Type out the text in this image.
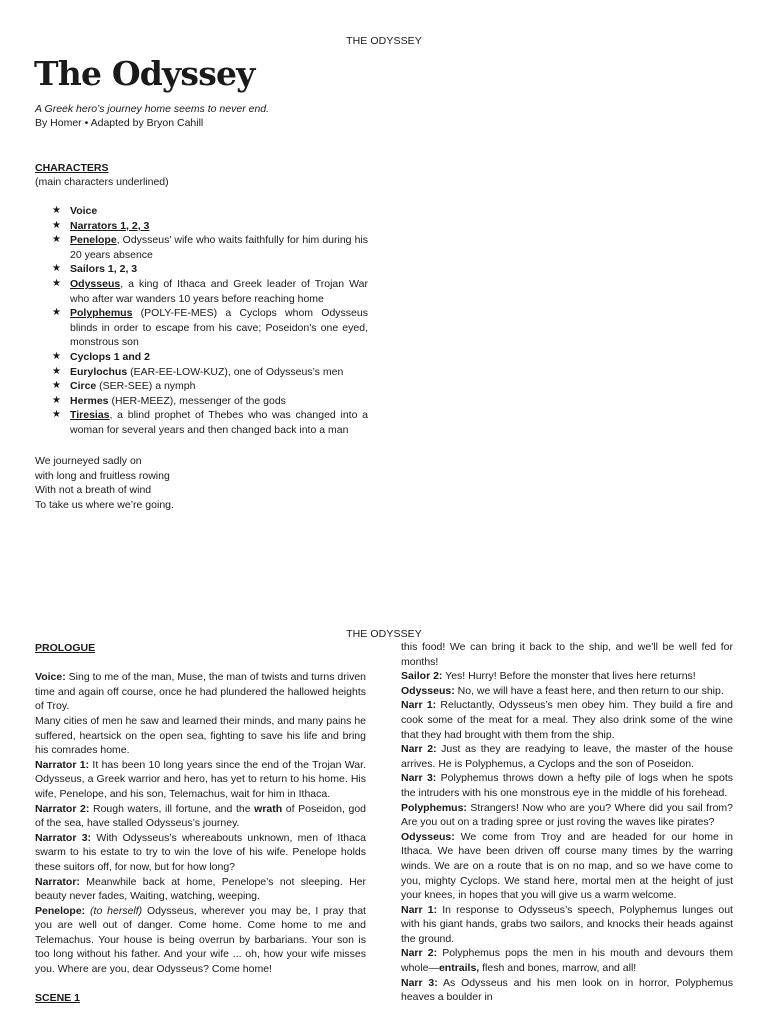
THE ODYSSEY
The Odyssey
A Greek hero’s journey home seems to never end.
By Homer • Adapted by Bryon Cahill
CHARACTERS
(main characters underlined)
★ Voice
★ Narrators 1, 2, 3
★ Penelope, Odysseus’ wife who waits faithfully for him during his 20 years absence
★ Sailors 1, 2, 3
★ Odysseus, a king of Ithaca and Greek leader of Trojan War who after war wanders 10 years before reaching home
★ Polyphemus (POLY-FE-MES) a Cyclops whom Odysseus blinds in order to escape from his cave; Poseidon's one eyed, monstrous son
★ Cyclops 1 and 2
★ Eurylochus (EAR-EE-LOW-KUZ), one of Odysseus’s men
★ Circe (SER-SEE) a nymph
★ Hermes (HER-MEEZ), messenger of the gods
★ Tiresias, a blind prophet of Thebes who was changed into a woman for several years and then changed back into a man
We journeyed sadly on
with long and fruitless rowing
With not a breath of wind
To take us where we’re going.
THE ODYSSEY

PROLOGUE

Voice: Sing to me of the man, Muse, the man of twists and turns driven time and again off course, once he had plundered the hallowed heights of Troy.

Many cities of men he saw and learned their minds, and many pains he suffered, heartsick on the open sea, fighting to save his life and bring his comrades home.

Narrator 1: It has been 10 long years since the end of the Trojan War. Odysseus, a Greek warrior and hero, has yet to return to his home. His wife, Penelope, and his son, Telemachus, wait for him in Ithaca.

Narrator 2: Rough waters, ill fortune, and the wrath of Poseidon, god of the sea, have stalled Odysseus’s journey.

Narrator 3: With Odysseus’s whereabouts unknown, men of Ithaca swarm to his estate to try to win the love of his wife. Penelope holds these suitors off, for now, but for how long?

Narrator: Meanwhile back at home, Penelope’s not sleeping. Her beauty never fades, Waiting, watching, weeping.

Penelope: (to herself) Odysseus, wherever you may be, I pray that you are well out of danger. Come home. Come home to me and Telemachus. Your house is being overrun by barbarians. Your son is too long without his father. And your wife ... oh, how your wife misses you. Where are you, dear Odysseus? Come home!

SCENE 1

this food! We can bring it back to the ship, and we'll be well fed for months!

Sailor 2: Yes! Hurry! Before the monster that lives here returns!

Odysseus: No, we will have a feast here, and then return to our ship.

Narr 1: Reluctantly, Odysseus’s men obey him. They build a fire and cook some of the meat for a meal. They also drink some of the wine that they had brought with them from the ship.

Narr 2: Just as they are readying to leave, the master of the house arrives. He is Polyphemus, a Cyclops and the son of Poseidon.

Narr 3: Polyphemus throws down a hefty pile of logs when he spots the intruders with his one monstrous eye in the middle of his forehead.

Polyphemus: Strangers! Now who are you? Where did you sail from? Are you out on a trading spree or just roving the waves like pirates?

Odysseus: We come from Troy and are headed for our home in Ithaca. We have been driven off course many times by the warring winds. We are on a route that is on no map, and so we have come to you, mighty Cyclops. We stand here, mortal men at the height of just your knees, in hopes that you will give us a warm welcome.

Narr 1: In response to Odysseus’s speech, Polyphemus lunges out with his giant hands, grabs two sailors, and knocks their heads against the ground.

Narr 2: Polyphemus pops the men in his mouth and devours them whole—entrails, flesh and bones, marrow, and all!

Narr 3: As Odysseus and his men look on in horror, Polyphemus heaves a boulder in
